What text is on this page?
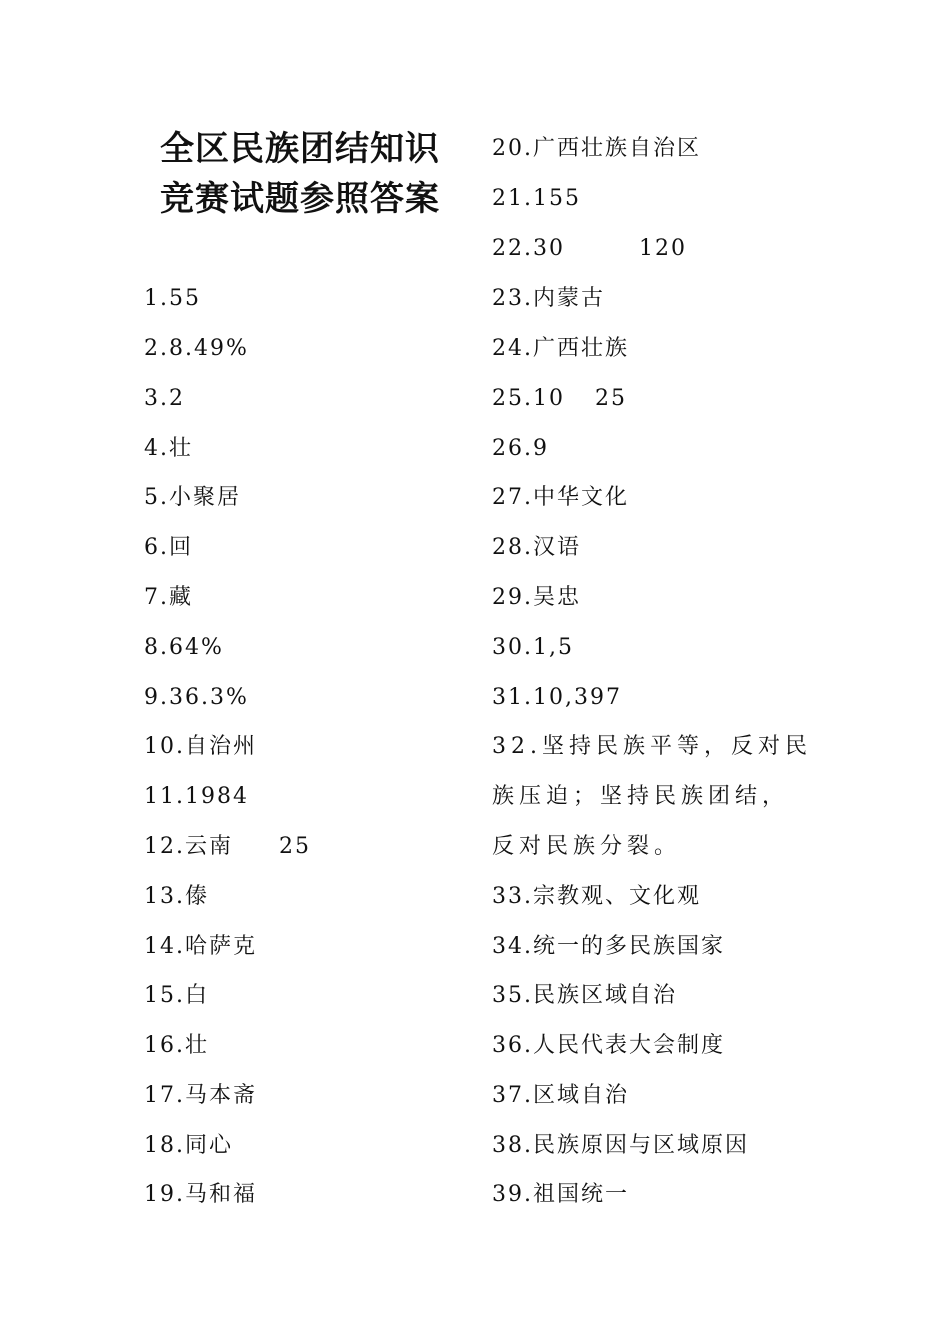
全区民族团结知识
竞赛试题参照答案
1.55
2.8.49%
3.2
4.壮
5.小聚居
6.回
7.藏
8.64%
9.36.3%
10.自治州
11.1984
12.云南 25
13.傣
14.哈萨克
15.白
16.壮
17.马本斋
18.同心
19.马和福
20.广西壮族自治区
21.155
22.30	120
23.内蒙古
24.广西壮族
25.10 25
26.9
27.中华文化
28.汉语
29.吴忠
30.1,5
31.10,397
32.坚持民族平等，反对民族压迫；坚持民族团结，反对民族分裂。
33.宗教观、文化观
34.统一的多民族国家
35.民族区域自治
36.人民代表大会制度
37.区域自治
38.民族原因与区域原因
39.祖国统一
